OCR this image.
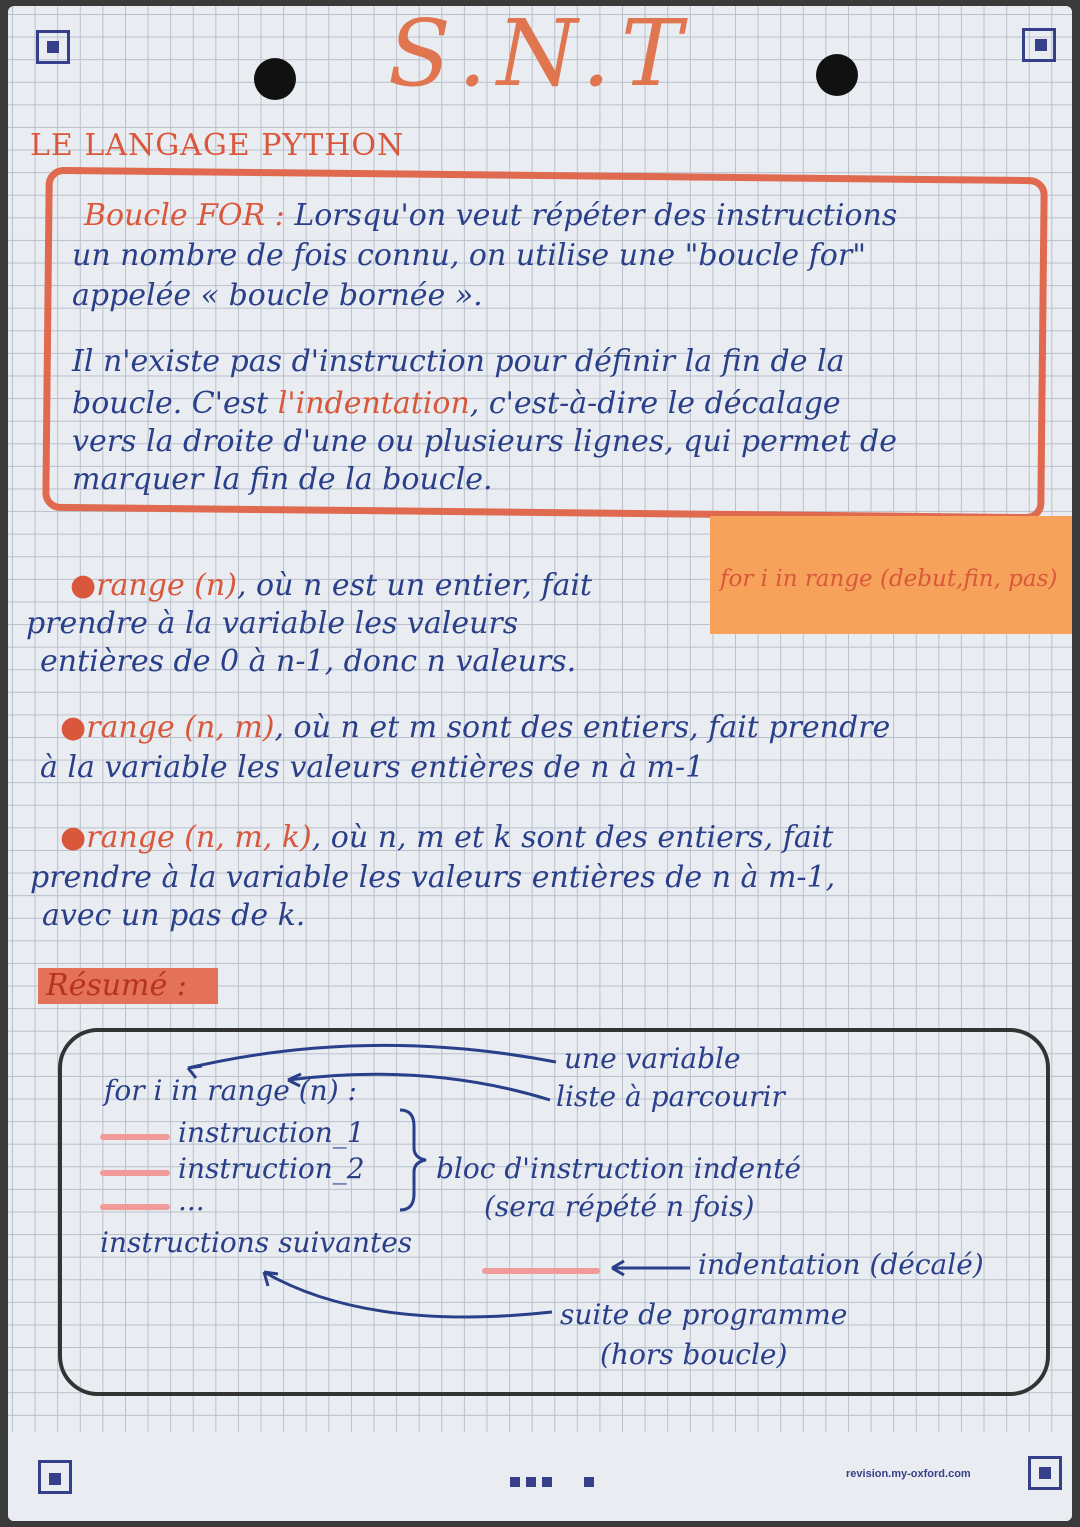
S.N.T
LE LANGAGE PYTHON
Boucle FOR : Lorsqu'on veut répéter des instructions
un nombre de fois connu, on utilise une "boucle for"
appelée « boucle bornée ».
Il n'existe pas d'instruction pour définir la fin de la
boucle. C'est l'indentation, c'est-à-dire le décalage
vers la droite d'une ou plusieurs lignes, qui permet de
marquer la fin de la boucle.
for i in range (debut,fin, pas)
●range (n), où n est un entier, fait
prendre à la variable les valeurs
entières de 0 à n-1, donc n valeurs.
●range (n, m), où n et m sont des entiers, fait prendre
à la variable les valeurs entières de n à m-1
●range (n, m, k), où n, m et k sont des entiers, fait
prendre à la variable les valeurs entières de n à m-1,
avec un pas de k.
Résumé :
for i in range (n) :
instruction_1
instruction_2
...
instructions suivantes
une variable
liste à parcourir
bloc d'instruction indenté
(sera répété n fois)
indentation (décalé)
suite de programme
(hors boucle)
revision.my-oxford.com
